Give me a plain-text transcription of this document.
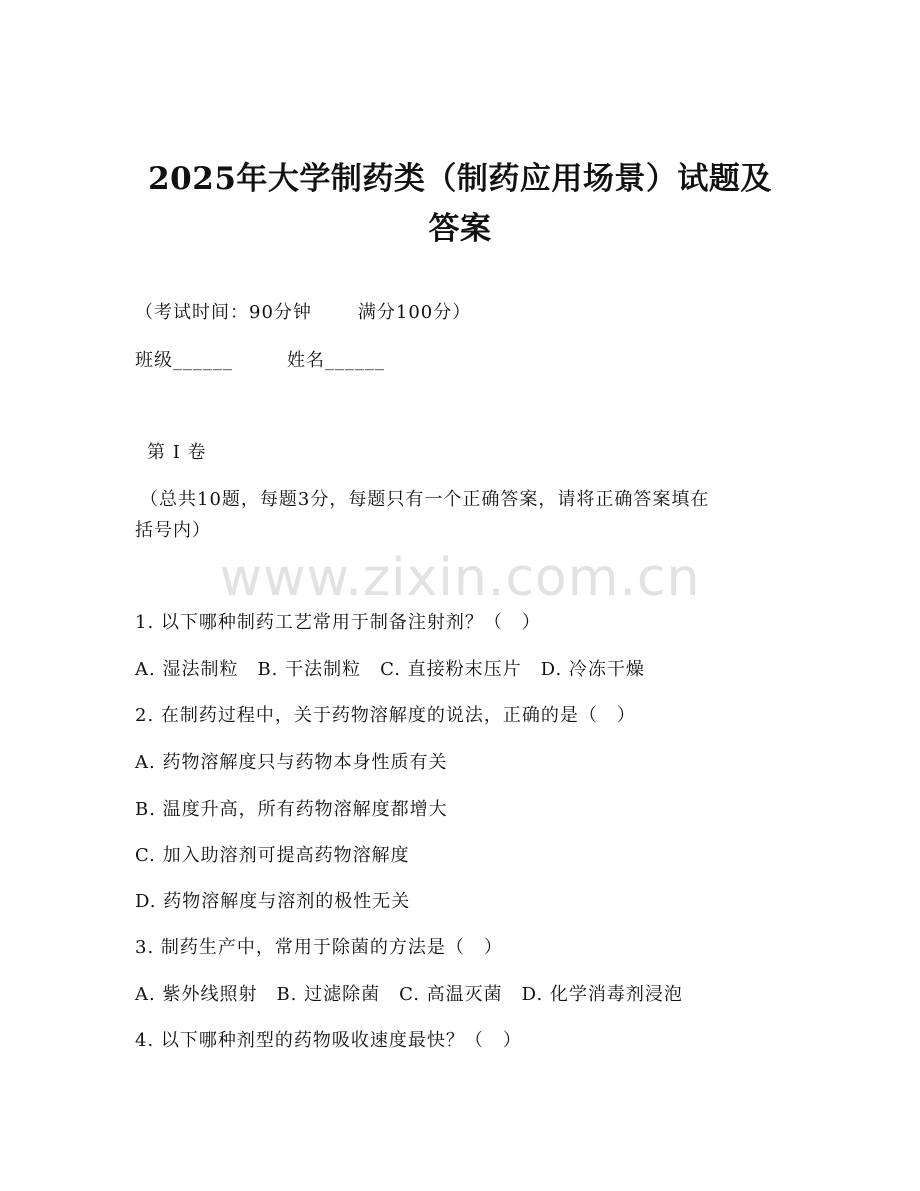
2025年大学制药类（制药应用场景）试题及
答案
（考试时间：90分钟	满分100分）
班级______	姓名______
第 I 卷
（总共10题，每题3分，每题只有一个正确答案，请将正确答案填在
括号内）
www.zixin.com.cn
1. 以下哪种制药工艺常用于制备注射剂？（　）
A. 湿法制粒　B. 干法制粒　C. 直接粉末压片　D. 冷冻干燥
2. 在制药过程中，关于药物溶解度的说法，正确的是（　）
A. 药物溶解度只与药物本身性质有关
B. 温度升高，所有药物溶解度都增大
C. 加入助溶剂可提高药物溶解度
D. 药物溶解度与溶剂的极性无关
3. 制药生产中，常用于除菌的方法是（　）
A. 紫外线照射　B. 过滤除菌　C. 高温灭菌　D. 化学消毒剂浸泡
4. 以下哪种剂型的药物吸收速度最快？（　）
